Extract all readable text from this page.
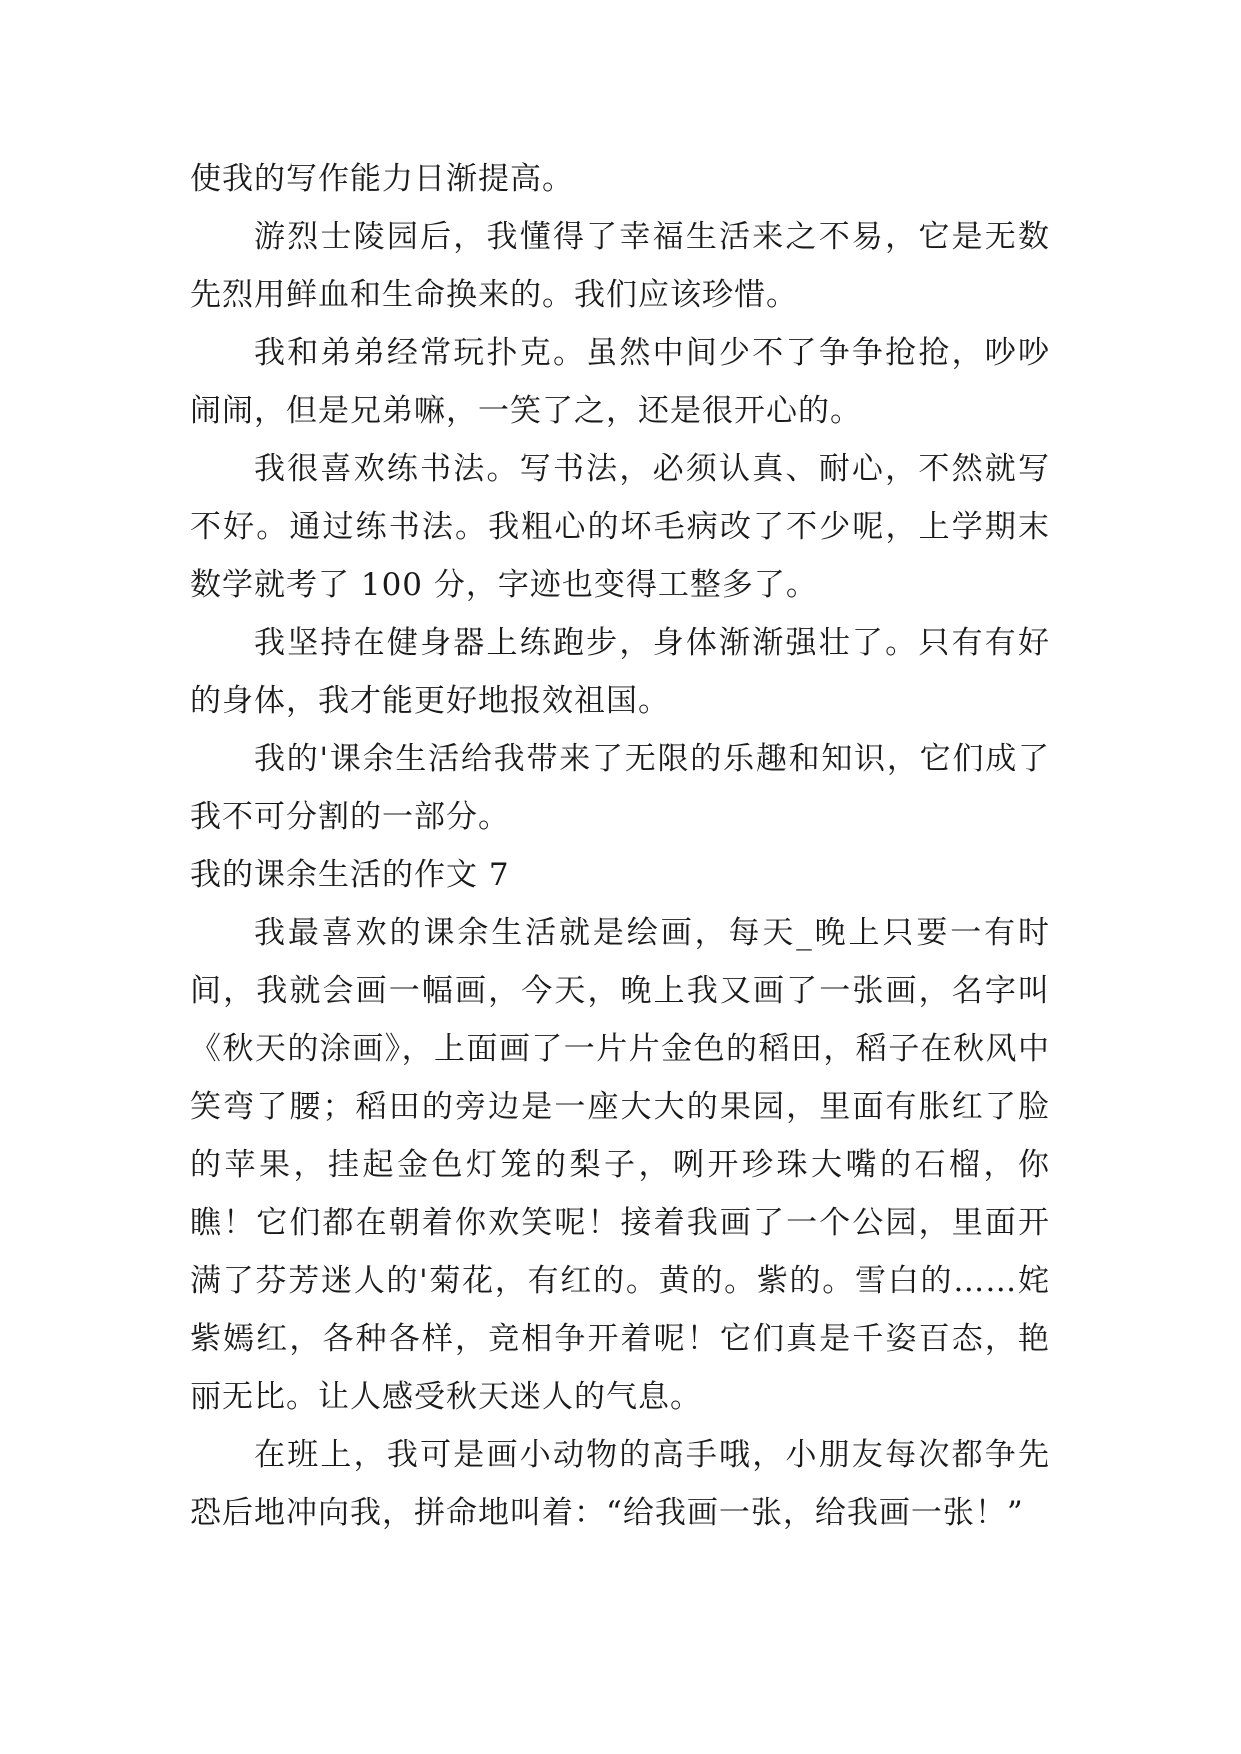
使我的写作能力日渐提高。

游烈士陵园后，我懂得了幸福生活来之不易，它是无数先烈用鲜血和生命换来的。我们应该珍惜。

我和弟弟经常玩扑克。虽然中间少不了争争抢抢，吵吵闹闹，但是兄弟嘛，一笑了之，还是很开心的。

我很喜欢练书法。写书法，必须认真、耐心，不然就写不好。通过练书法。我粗心的坏毛病改了不少呢，上学期末数学就考了 100 分，字迹也变得工整多了。

我坚持在健身器上练跑步，身体渐渐强壮了。只有有好的身体，我才能更好地报效祖国。

我的'课余生活给我带来了无限的乐趣和知识，它们成了我不可分割的一部分。

我的课余生活的作文 7

我最喜欢的课余生活就是绘画，每天_晚上只要一有时间，我就会画一幅画，今天，晚上我又画了一张画，名字叫《秋天的涂画》，上面画了一片片金色的稻田，稻子在秋风中笑弯了腰；稻田的旁边是一座大大的果园，里面有胀红了脸的苹果，挂起金色灯笼的梨子，咧开珍珠大嘴的石榴，你瞧！它们都在朝着你欢笑呢！接着我画了一个公园，里面开满了芬芳迷人的'菊花，有红的。黄的。紫的。雪白的……姹紫嫣红，各种各样，竞相争开着呢！它们真是千姿百态，艳丽无比。让人感受秋天迷人的气息。

在班上，我可是画小动物的高手哦，小朋友每次都争先恐后地冲向我，拼命地叫着：“给我画一张，给我画一张！”
